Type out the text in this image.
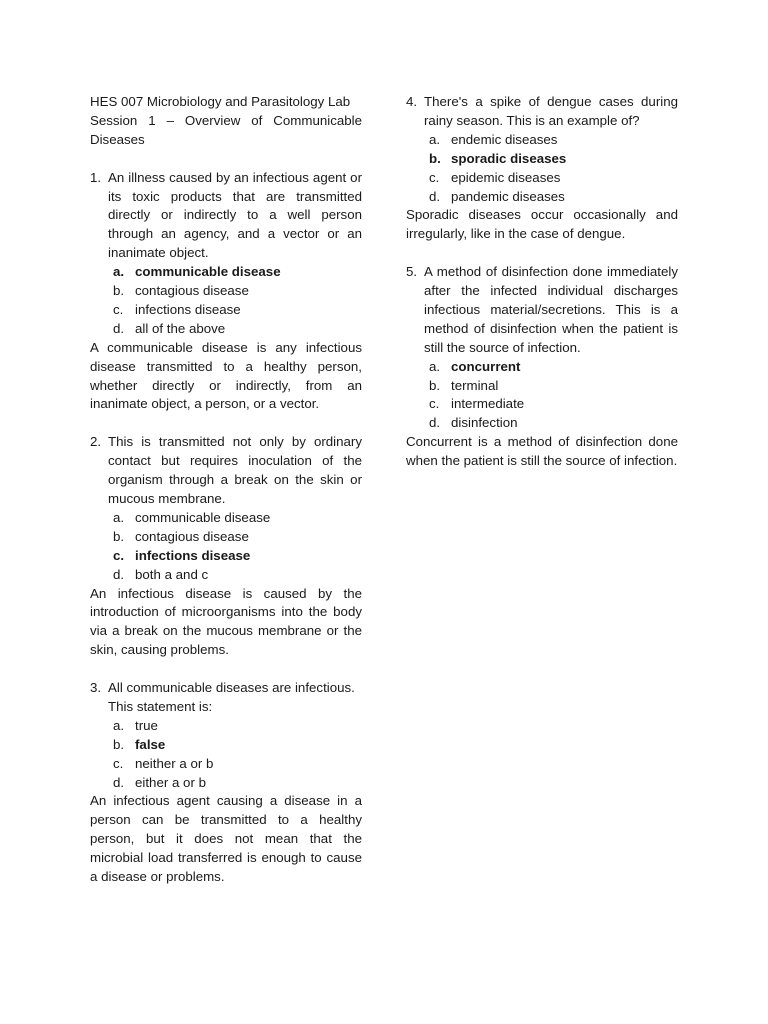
HES 007 Microbiology and Parasitology Lab
Session 1 – Overview of Communicable Diseases
1. An illness caused by an infectious agent or its toxic products that are transmitted directly or indirectly to a well person through an agency, and a vector or an inanimate object.
a. communicable disease
b. contagious disease
c. infections disease
d. all of the above
A communicable disease is any infectious disease transmitted to a healthy person, whether directly or indirectly, from an inanimate object, a person, or a vector.
2. This is transmitted not only by ordinary contact but requires inoculation of the organism through a break on the skin or mucous membrane.
a. communicable disease
b. contagious disease
c. infections disease
d. both a and c
An infectious disease is caused by the introduction of microorganisms into the body via a break on the mucous membrane or the skin, causing problems.
3. All communicable diseases are infectious. This statement is:
a. true
b. false
c. neither a or b
d. either a or b
An infectious agent causing a disease in a person can be transmitted to a healthy person, but it does not mean that the microbial load transferred is enough to cause a disease or problems.
4. There's a spike of dengue cases during rainy season. This is an example of?
a. endemic diseases
b. sporadic diseases
c. epidemic diseases
d. pandemic diseases
Sporadic diseases occur occasionally and irregularly, like in the case of dengue.
5. A method of disinfection done immediately after the infected individual discharges infectious material/secretions. This is a method of disinfection when the patient is still the source of infection.
a. concurrent
b. terminal
c. intermediate
d. disinfection
Concurrent is a method of disinfection done when the patient is still the source of infection.
